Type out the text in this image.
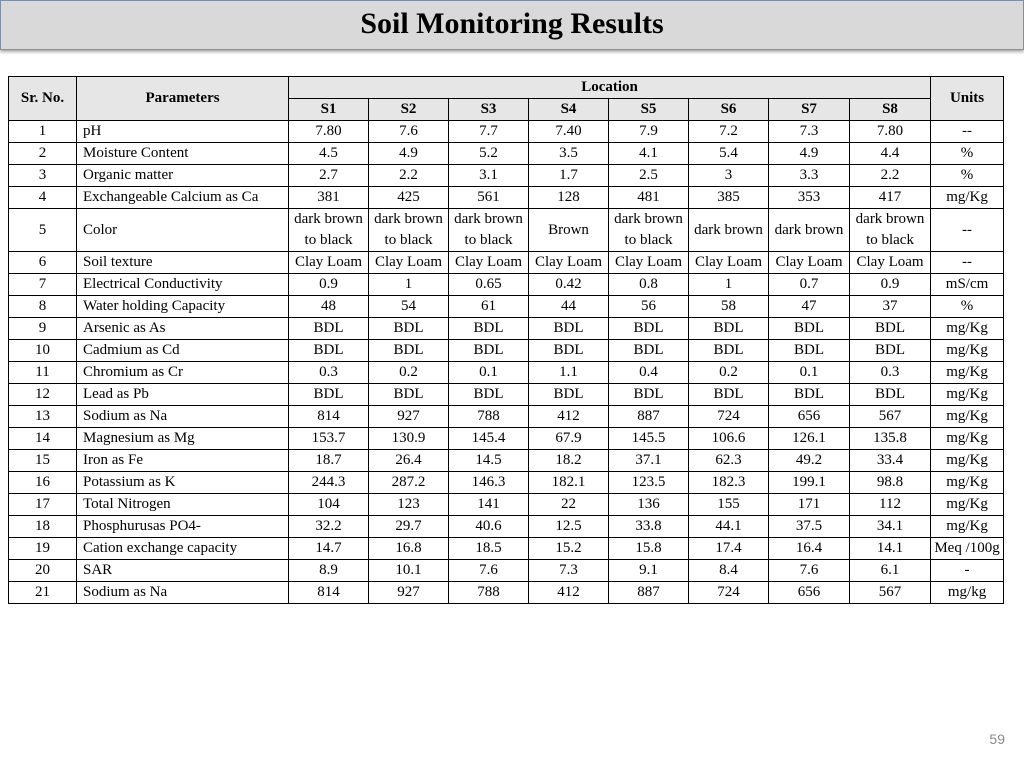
Soil Monitoring Results
Sr. No.	Parameters	Location								Units
		S1	S2	S3	S4	S5	S6	S7	S8	
1	pH	7.80	7.6	7.7	7.40	7.9	7.2	7.3	7.80	--
2	Moisture Content	4.5	4.9	5.2	3.5	4.1	5.4	4.9	4.4	%
3	Organic matter	2.7	2.2	3.1	1.7	2.5	3	3.3	2.2	%
4	Exchangeable Calcium as Ca	381	425	561	128	481	385	353	417	mg/Kg
5	Color	dark brown to black	dark brown to black	dark brown to black	Brown	dark brown to black	dark brown	dark brown	dark brown to black	--
6	Soil texture	Clay Loam	Clay Loam	Clay Loam	Clay Loam	Clay Loam	Clay Loam	Clay Loam	Clay Loam	--
7	Electrical Conductivity	0.9	1	0.65	0.42	0.8	1	0.7	0.9	mS/cm
8	Water holding Capacity	48	54	61	44	56	58	47	37	%
9	Arsenic as As	BDL	BDL	BDL	BDL	BDL	BDL	BDL	BDL	mg/Kg
10	Cadmium as Cd	BDL	BDL	BDL	BDL	BDL	BDL	BDL	BDL	mg/Kg
11	Chromium as Cr	0.3	0.2	0.1	1.1	0.4	0.2	0.1	0.3	mg/Kg
12	Lead as Pb	BDL	BDL	BDL	BDL	BDL	BDL	BDL	BDL	mg/Kg
13	Sodium as Na	814	927	788	412	887	724	656	567	mg/Kg
14	Magnesium as Mg	153.7	130.9	145.4	67.9	145.5	106.6	126.1	135.8	mg/Kg
15	Iron as Fe	18.7	26.4	14.5	18.2	37.1	62.3	49.2	33.4	mg/Kg
16	Potassium as K	244.3	287.2	146.3	182.1	123.5	182.3	199.1	98.8	mg/Kg
17	Total Nitrogen	104	123	141	22	136	155	171	112	mg/Kg
18	Phosphurusas PO4-	32.2	29.7	40.6	12.5	33.8	44.1	37.5	34.1	mg/Kg
19	Cation exchange capacity	14.7	16.8	18.5	15.2	15.8	17.4	16.4	14.1	Meq /100g
20	SAR	8.9	10.1	7.6	7.3	9.1	8.4	7.6	6.1	-
21	Sodium as Na	814	927	788	412	887	724	656	567	mg/kg
59
